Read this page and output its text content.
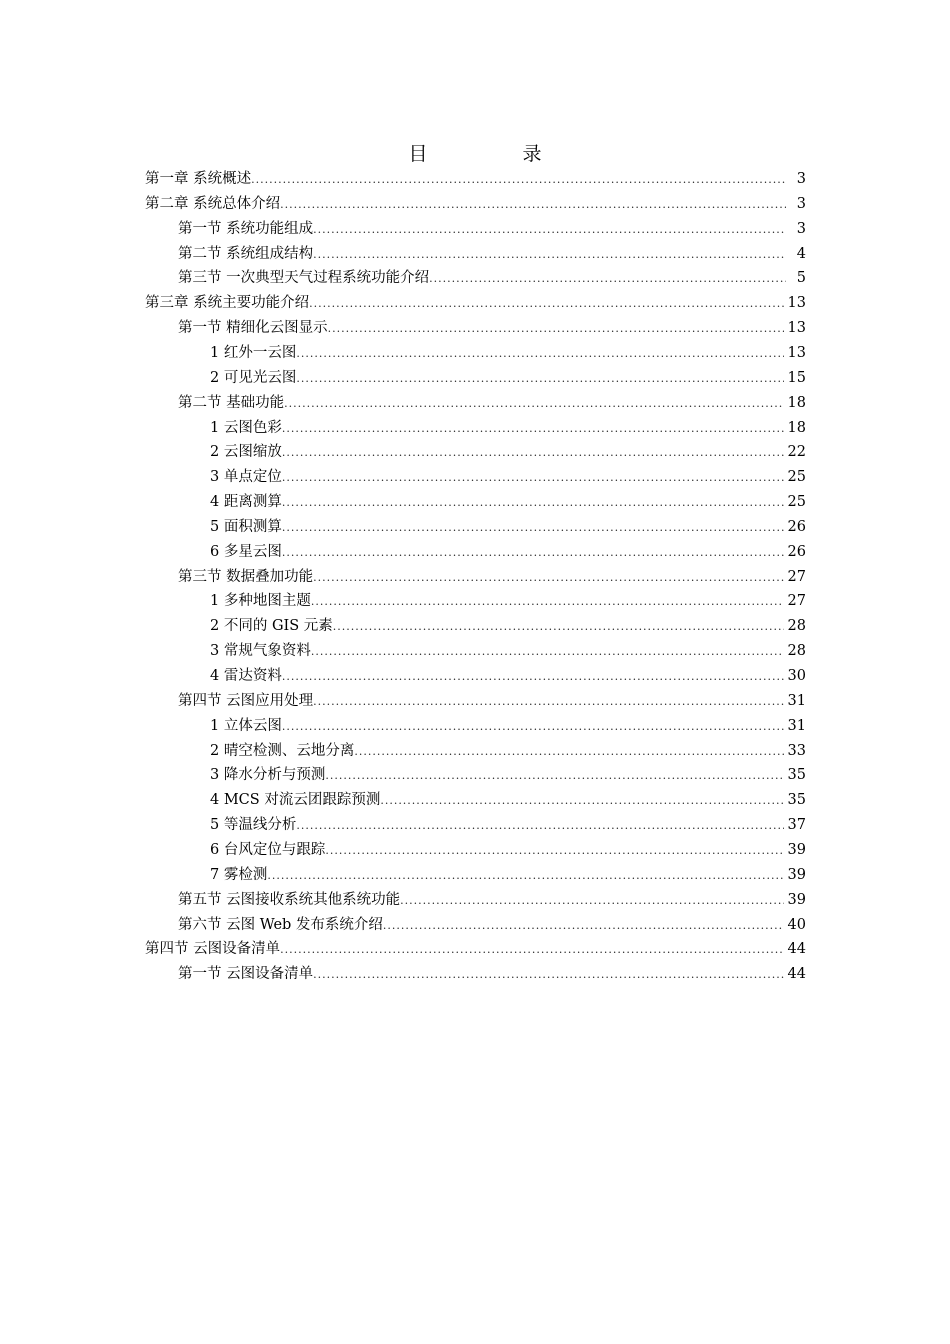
目　录
第一章 系统概述 .....	3
第二章 系统总体介绍 .....	3
第一节 系统功能组成 .....	3
第二节 系统组成结构 .....	4
第三节 一次典型天气过程系统功能介绍 .....	5
第三章 系统主要功能介绍 .....	13
第一节 精细化云图显示 .....	13
1 红外一云图 .....	13
2 可见光云图 .....	15
第二节 基础功能 .....	18
1 云图色彩 .....	18
2 云图缩放 .....	22
3 单点定位 .....	25
4 距离测算 .....	25
5 面积测算 .....	26
6 多星云图 .....	26
第三节 数据叠加功能 .....	27
1 多种地图主题 .....	27
2 不同的 GIS 元素 .....	28
3 常规气象资料 .....	28
4 雷达资料 .....	30
第四节 云图应用处理 .....	31
1 立体云图 .....	31
2 晴空检测、云地分离 .....	33
3 降水分析与预测 .....	35
4 MCS 对流云团跟踪预测 .....	35
5 等温线分析 .....	37
6 台风定位与跟踪 .....	39
7 雾检测 .....	39
第五节 云图接收系统其他系统功能 .....	39
第六节 云图 Web 发布系统介绍 .....	40
第四节 云图设备清单 .....	44
第一节 云图设备清单 .....	44
